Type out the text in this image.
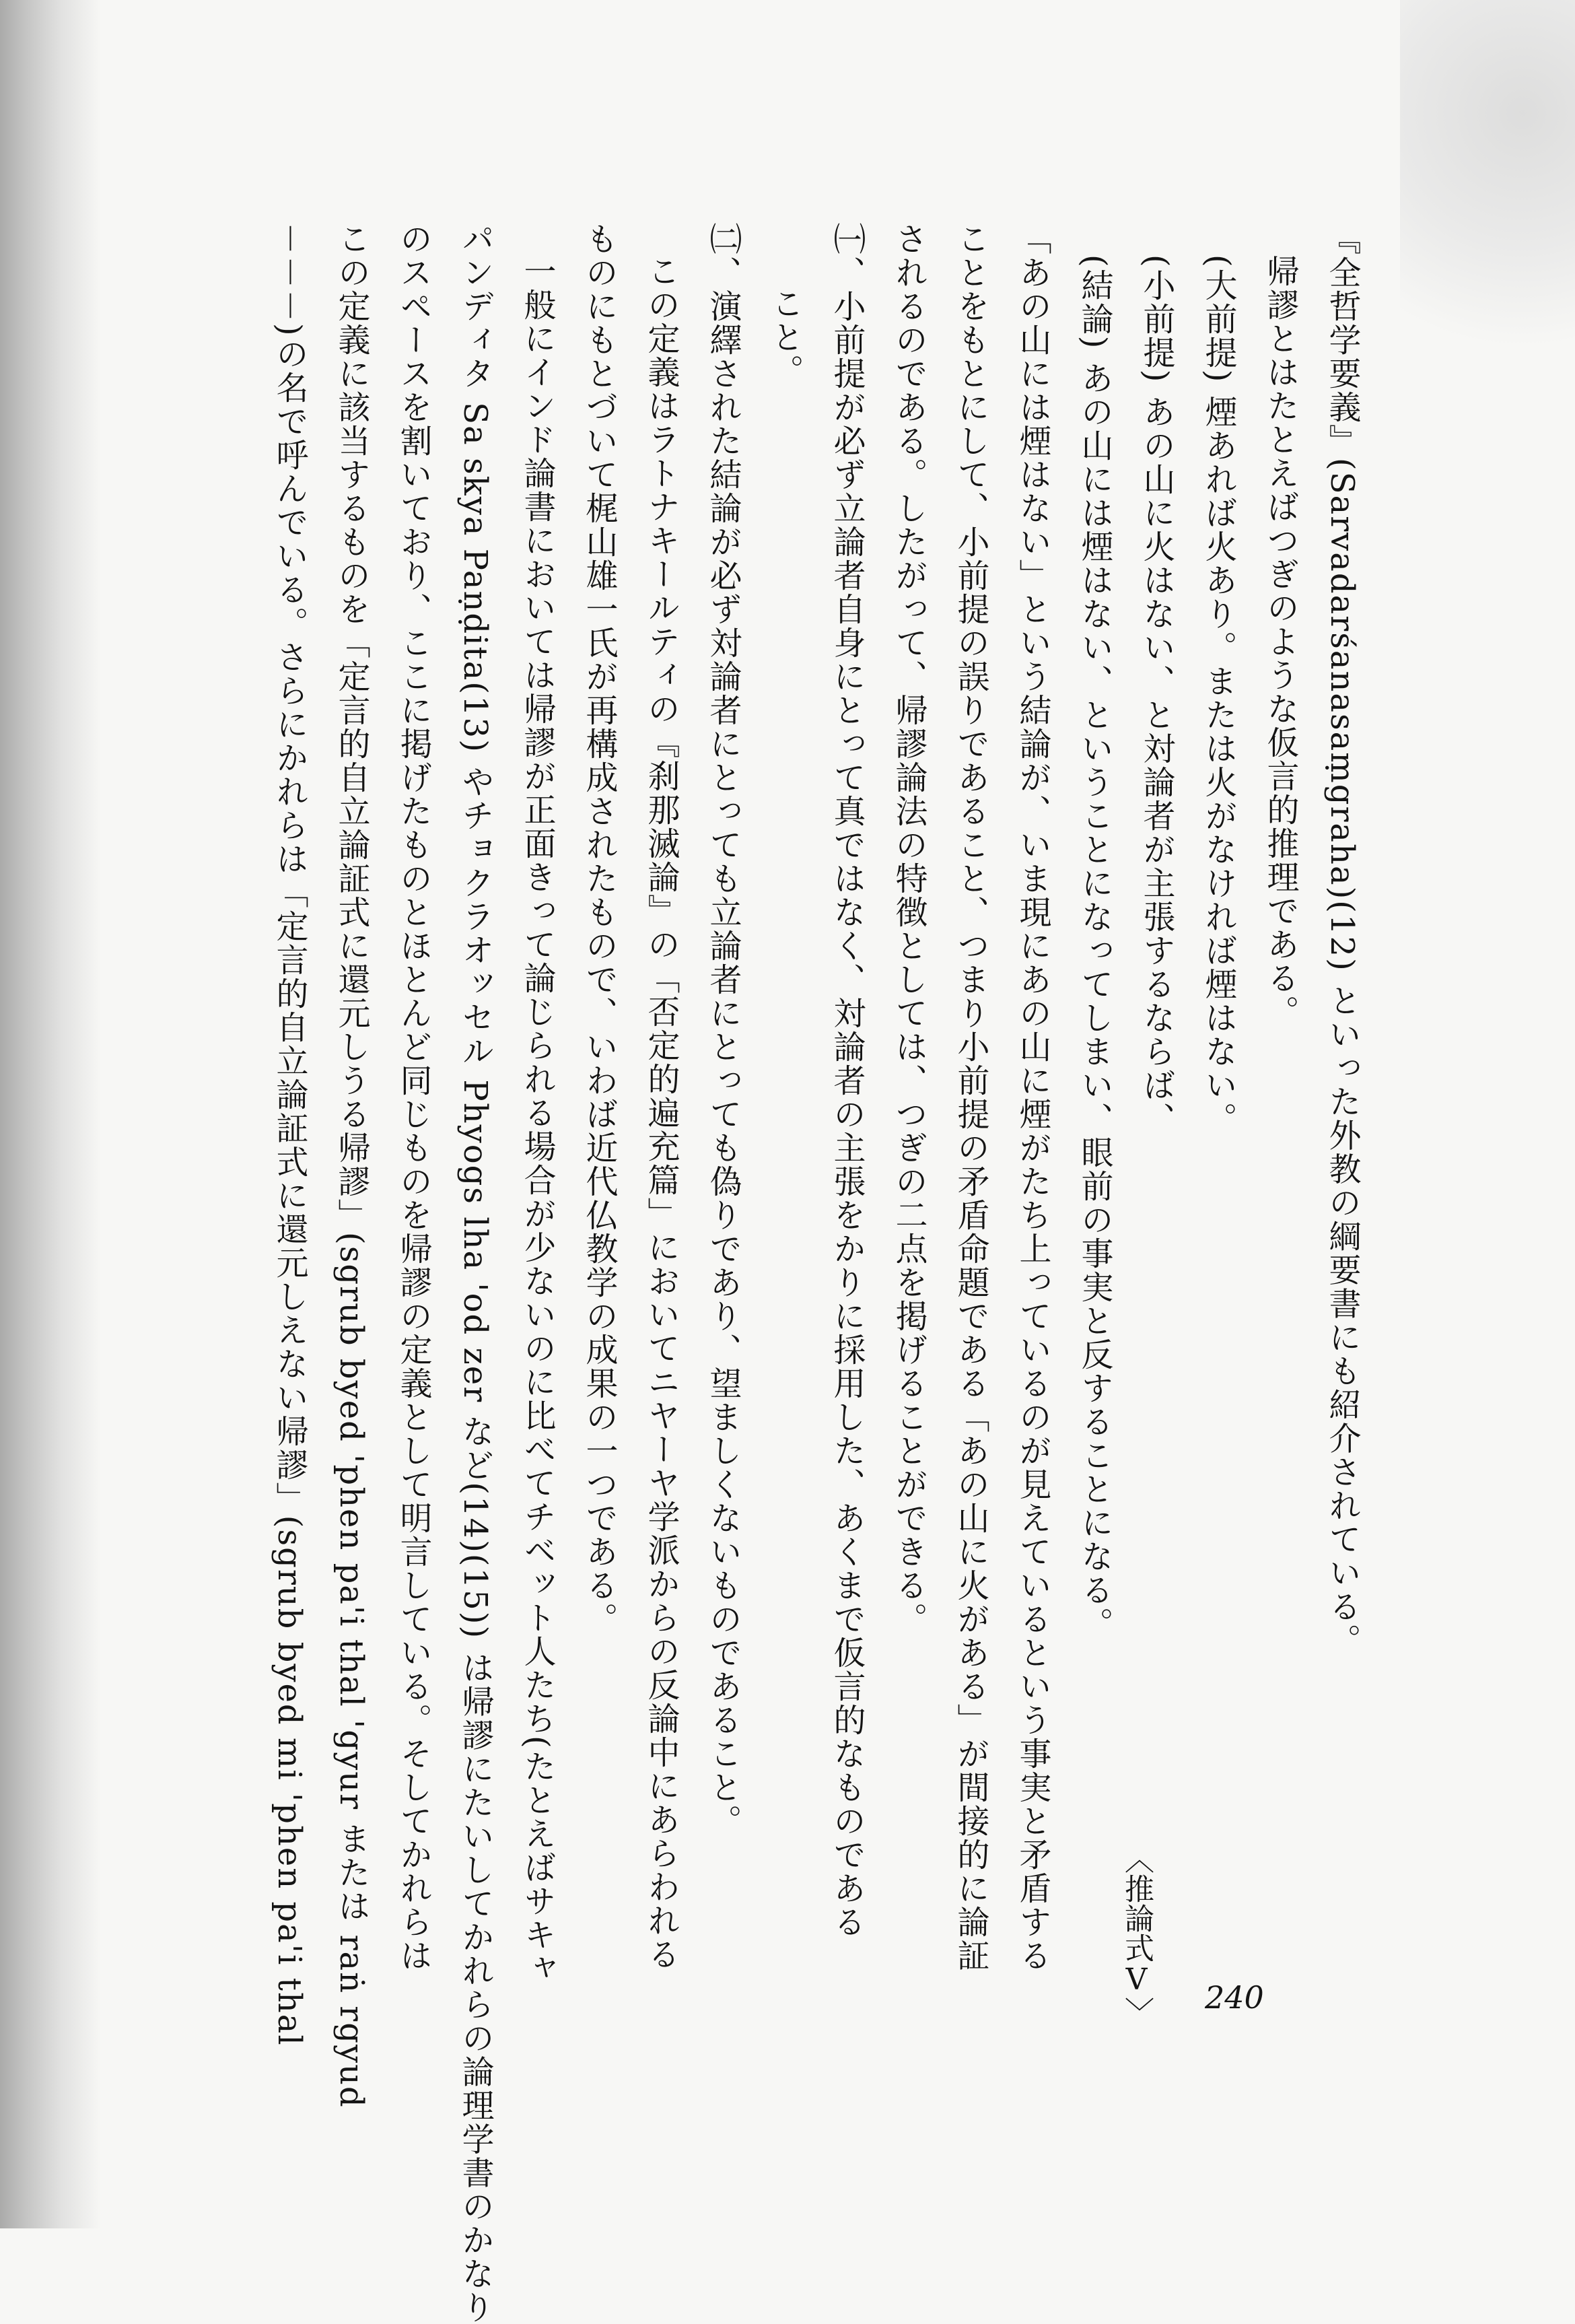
『全哲学要義』(Sarvadarśanasaṃgraha)(12) といった外教の綱要書にも紹介されている。
帰謬とはたとえばつぎのような仮言的推理である。
(大前提) 煙あれば火あり。または火がなければ煙はない。
(小前提) あの山に火はない、と対論者が主張するならば、
(結論) あの山には煙はない、ということになってしまい、眼前の事実と反することになる。
「あの山には煙はない」という結論が、いま現にあの山に煙がたち上っているのが見えているという事実と矛盾する
ことをもとにして、小前提の誤りであること、つまり小前提の矛盾命題である「あの山に火がある」が間接的に論証
されるのである。したがって、帰謬論法の特徴としては、つぎの二点を掲げることができる。
㈠、小前提が必ず立論者自身にとって真ではなく、対論者の主張をかりに採用した、あくまで仮言的なものである
こと。
㈡、演繹された結論が必ず対論者にとっても立論者にとっても偽りであり、望ましくないものであること。
この定義はラトナキールティの『刹那滅論』の「否定的遍充篇」においてニヤーヤ学派からの反論中にあらわれる
ものにもとづいて梶山雄一氏が再構成されたもので、いわば近代仏教学の成果の一つである。
一般にインド論書においては帰謬が正面きって論じられる場合が少ないのに比べてチベット人たち(たとえばサキャ
パンディタ Sa skya Paṇḍita(13) やチョクラオッセル Phyogs lha 'od zer など(14)(15)) は帰謬にたいしてかれらの論理学書のかなり
のスペースを割いており、ここに掲げたものとほとんど同じものを帰謬の定義として明言している。そしてかれらは
この定義に該当するものを「定言的自立論証式に還元しうる帰謬」(sgrub byed 'phen pa'i thal 'gyur または raṅ rgyud
－－－)の名で呼んでいる。さらにかれらは「定言的自立論証式に還元しえない帰謬」(sgrub byed mi 'phen pa'i thal	〈推論式Ⅴ〉 240
